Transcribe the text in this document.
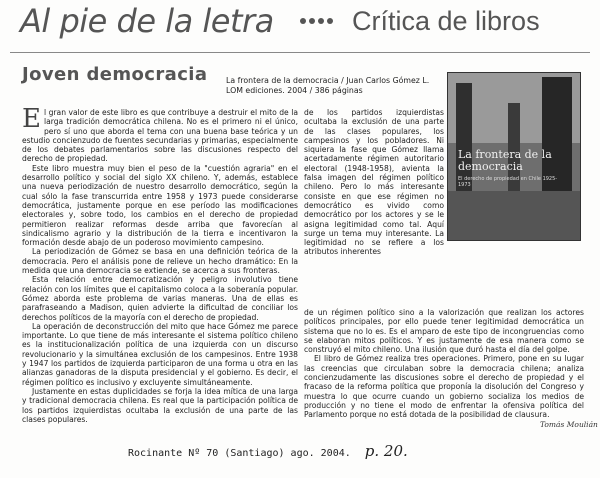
Al pie de la letra	Crítica de libros
Joven democracia La frontera de la democracia / Juan Carlos Gómez L. LOM ediciones. 2004 / 386 páginas
La frontera de la democracia
El derecho de propiedad en Chile 1925-1973

El gran valor de este libro es que contribuye a destruir el mito de la larga tradición democrática chilena. No es el primero ni el único, pero sí uno que aborda el tema con una buena base teórica y un estudio concienzudo de fuentes secundarias y primarias, especialmente de los debates parlamentarios sobre las discusiones respecto del derecho de propiedad.

Este libro muestra muy bien el peso de la "cuestión agraria" en el desarrollo político y social del siglo XX chileno. Y, además, establece una nueva periodización de nuestro desarrollo democrático, según la cual sólo la fase transcurrida entre 1958 y 1973 puede considerarse democrática, justamente porque en ese período las modificaciones electorales y, sobre todo, los cambios en el derecho de propiedad permitieron realizar reformas desde arriba que favorecían al sindicalismo agrario y la distribución de la tierra e incentivaron la formación desde abajo de un poderoso movimiento campesino.

La periodización de Gómez se basa en una definición teórica de la democracia. Pero el análisis pone de relieve un hecho dramático: En la medida que una democracia se extiende, se acerca a sus fronteras.

Esta relación entre democratización y peligro involutivo tiene relación con los límites que el capitalismo coloca a la soberanía popular. Gómez aborda este problema de varias maneras. Una de ellas es parafraseando a Madison, quien advierte la dificultad de conciliar los derechos políticos de la mayoría con el derecho de propiedad.

La operación de deconstrucción del mito que hace Gómez me parece importante. Lo que tiene de más interesante el sistema político chileno es la institucionalización política de una izquierda con un discurso revolucionario y la simultánea exclusión de los campesinos. Entre 1938 y 1947 los partidos de izquierda participaron de una forma u otra en las alianzas ganadoras de la disputa presidencial y el gobierno. Es decir, el régimen político es inclusivo y excluyente simultáneamente.

Justamente en estas duplicidades se forja la idea mítica de una larga y tradicional democracia chilena. Es real que la participación política de los partidos izquierdistas ocultaba la exclusión de una parte de las clases populares.

de los partidos izquierdistas ocultaba la exclusión de una parte de las clases populares, los campesinos y los pobladores. Ni siquiera la fase que Gómez llama acertadamente régimen autoritario electoral (1948-1958), avienta la falsa imagen del régimen político chileno. Pero lo más interesante consiste en que ese régimen no democrático es vivido como democrático por los actores y se le asigna legitimidad como tal. Aquí surge un tema muy interesante. La legitimidad no se refiere a los atributos inherentes

de un régimen político sino a la valorización que realizan los actores políticos principales, por ello puede tener legitimidad democrática un sistema que no lo es. Es el amparo de este tipo de incongruencias como se elaboran mitos políticos. Y es justamente de esa manera como se construyó el mito chileno. Una ilusión que duró hasta el día del golpe.

El libro de Gómez realiza tres operaciones. Primero, pone en su lugar las creencias que circulaban sobre la democracia chilena; analiza concienzudamente las discusiones sobre el derecho de propiedad y el fracaso de la reforma política que proponía la disolución del Congreso y muestra lo que ocurre cuando un gobierno socializa los medios de producción y no tiene el modo de enfrentar la ofensiva política del Parlamento porque no está dotada de la posibilidad de clausura.

Tomás Moulián
Rocinante Nº 70 (Santiago) ago. 2004. p. 20.
